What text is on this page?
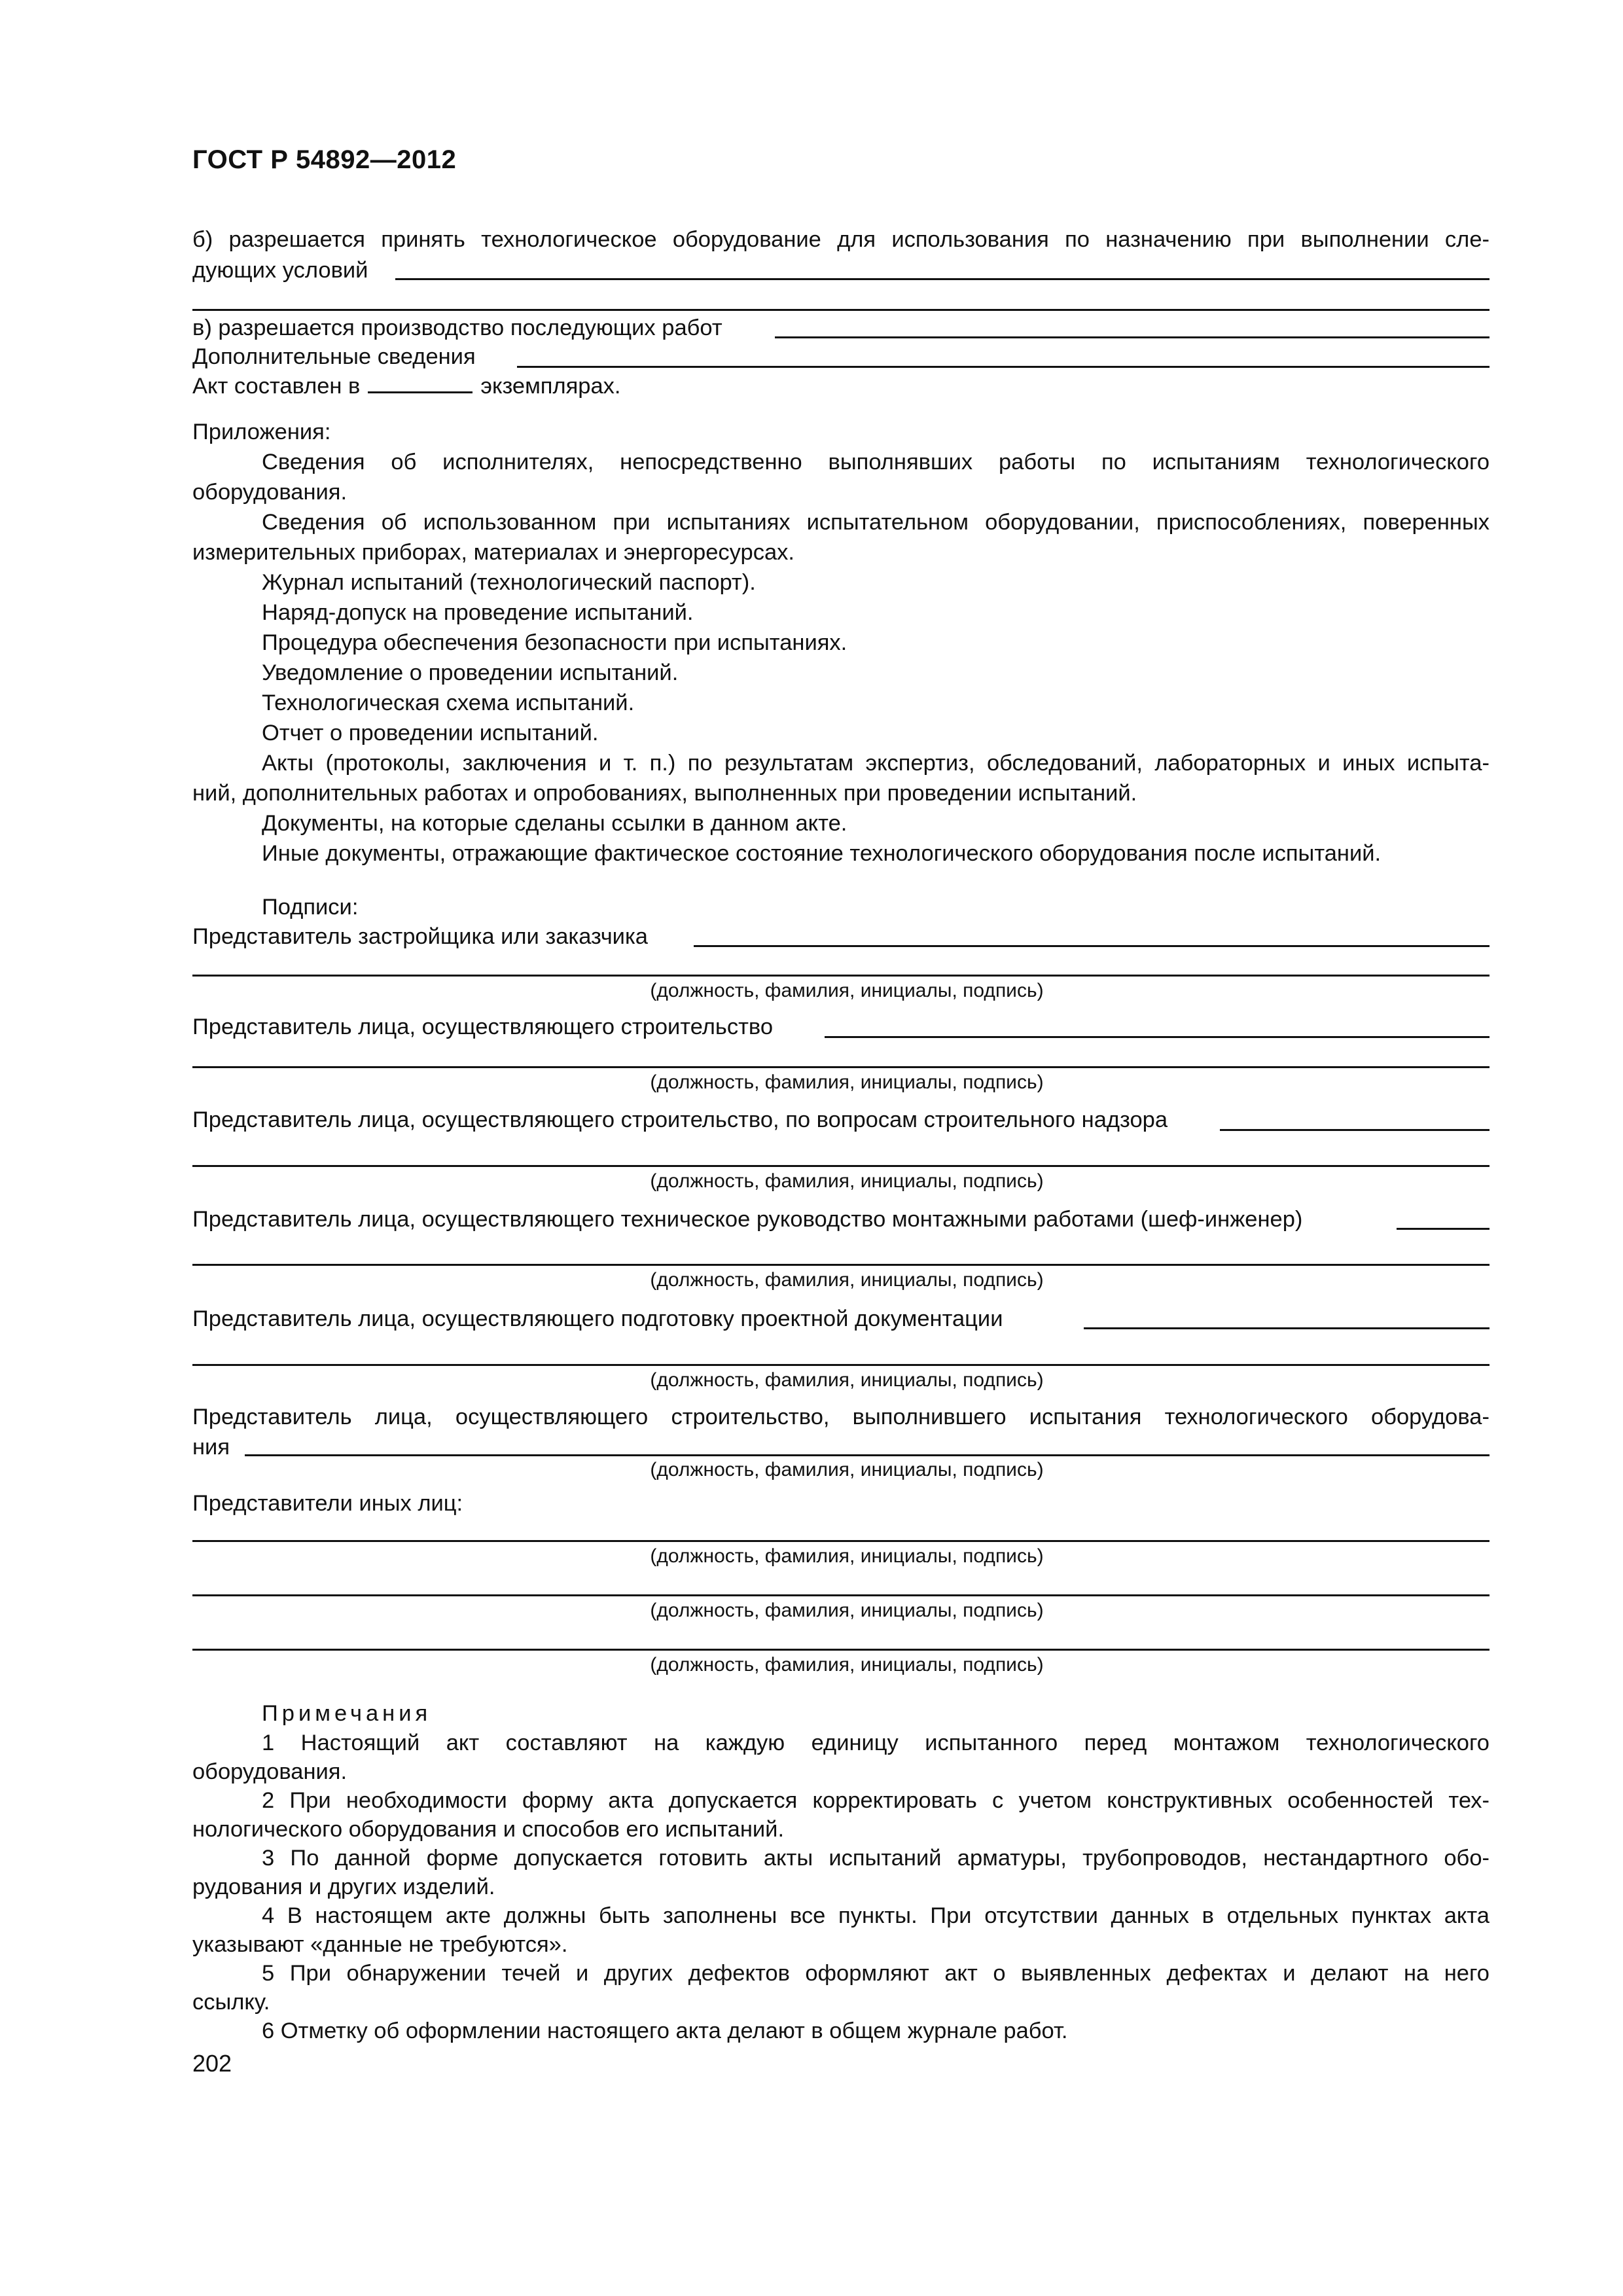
ГОСТ Р 54892—2012
б) разрешается принять технологическое оборудование для использования по назначению при выполнении сле-
дующих условий
в) разрешается производство последующих работ
Дополнительные сведения
Акт составлен в	экземплярах.
Приложения:
Сведения об исполнителях, непосредственно выполнявших работы по испытаниям технологического
оборудования.
Сведения об использованном при испытаниях испытательном оборудовании, приспособлениях, поверенных
измерительных приборах, материалах и энергоресурсах.
Журнал испытаний (технологический паспорт).
Наряд-допуск на проведение испытаний.
Процедура обеспечения безопасности при испытаниях.
Уведомление о проведении испытаний.
Технологическая схема испытаний.
Отчет о проведении испытаний.
Акты (протоколы, заключения и т. п.) по результатам экспертиз, обследований, лабораторных и иных испыта-
ний, дополнительных работах и опробованиях, выполненных при проведении испытаний.
Документы, на которые сделаны ссылки в данном акте.
Иные документы, отражающие фактическое состояние технологического оборудования после испытаний.
Подписи:
Представитель застройщика или заказчика
(должность, фамилия, инициалы, подпись)
Представитель лица, осуществляющего строительство
(должность, фамилия, инициалы, подпись)
Представитель лица, осуществляющего строительство, по вопросам строительного надзора
(должность, фамилия, инициалы, подпись)
Представитель лица, осуществляющего техническое руководство монтажными работами (шеф-инженер)
(должность, фамилия, инициалы, подпись)
Представитель лица, осуществляющего подготовку проектной документации
(должность, фамилия, инициалы, подпись)
Представитель лица, осуществляющего строительство, выполнившего испытания технологического оборудова-
ния
(должность, фамилия, инициалы, подпись)
Представители иных лиц:
(должность, фамилия, инициалы, подпись)
(должность, фамилия, инициалы, подпись)
(должность, фамилия, инициалы, подпись)
Примечания
1 Настоящий акт составляют на каждую единицу испытанного перед монтажом технологического
оборудования.
2 При необходимости форму акта допускается корректировать с учетом конструктивных особенностей тех-
нологического оборудования и способов его испытаний.
3 По данной форме допускается готовить акты испытаний арматуры, трубопроводов, нестандартного обо-
рудования и других изделий.
4 В настоящем акте должны быть заполнены все пункты. При отсутствии данных в отдельных пунктах акта
указывают «данные не требуются».
5 При обнаружении течей и других дефектов оформляют акт о выявленных дефектах и делают на него
ссылку.
6 Отметку об оформлении настоящего акта делают в общем журнале работ.
202
